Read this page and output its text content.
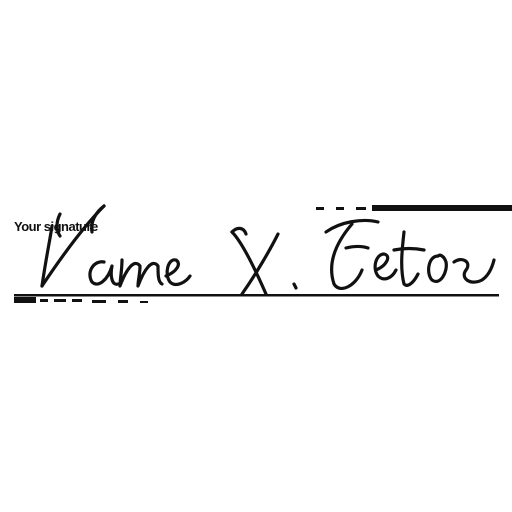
Your signature
